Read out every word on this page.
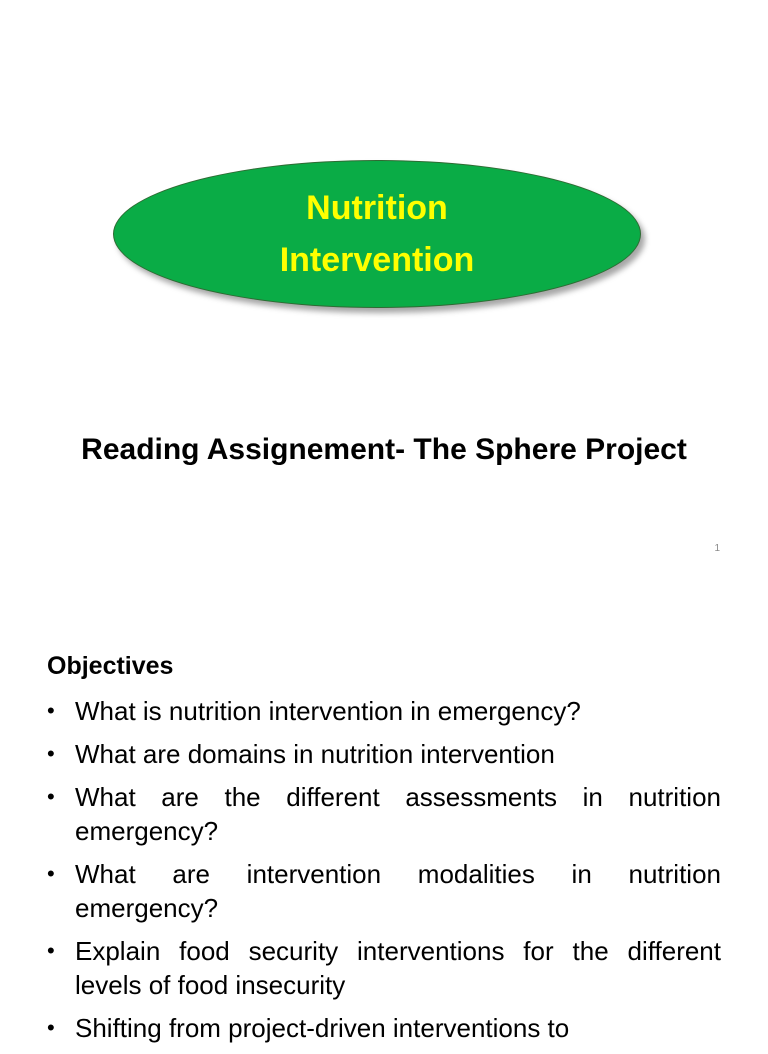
Nutrition
Intervention
Reading Assignement- The Sphere Project
1
Objectives
• What is nutrition intervention in emergency?
• What are domains in nutrition intervention
• What are the different assessments in nutrition emergency?
• What are intervention modalities in nutrition emergency?
• Explain food security interventions for the different levels of food insecurity
• Shifting from project-driven interventions to
